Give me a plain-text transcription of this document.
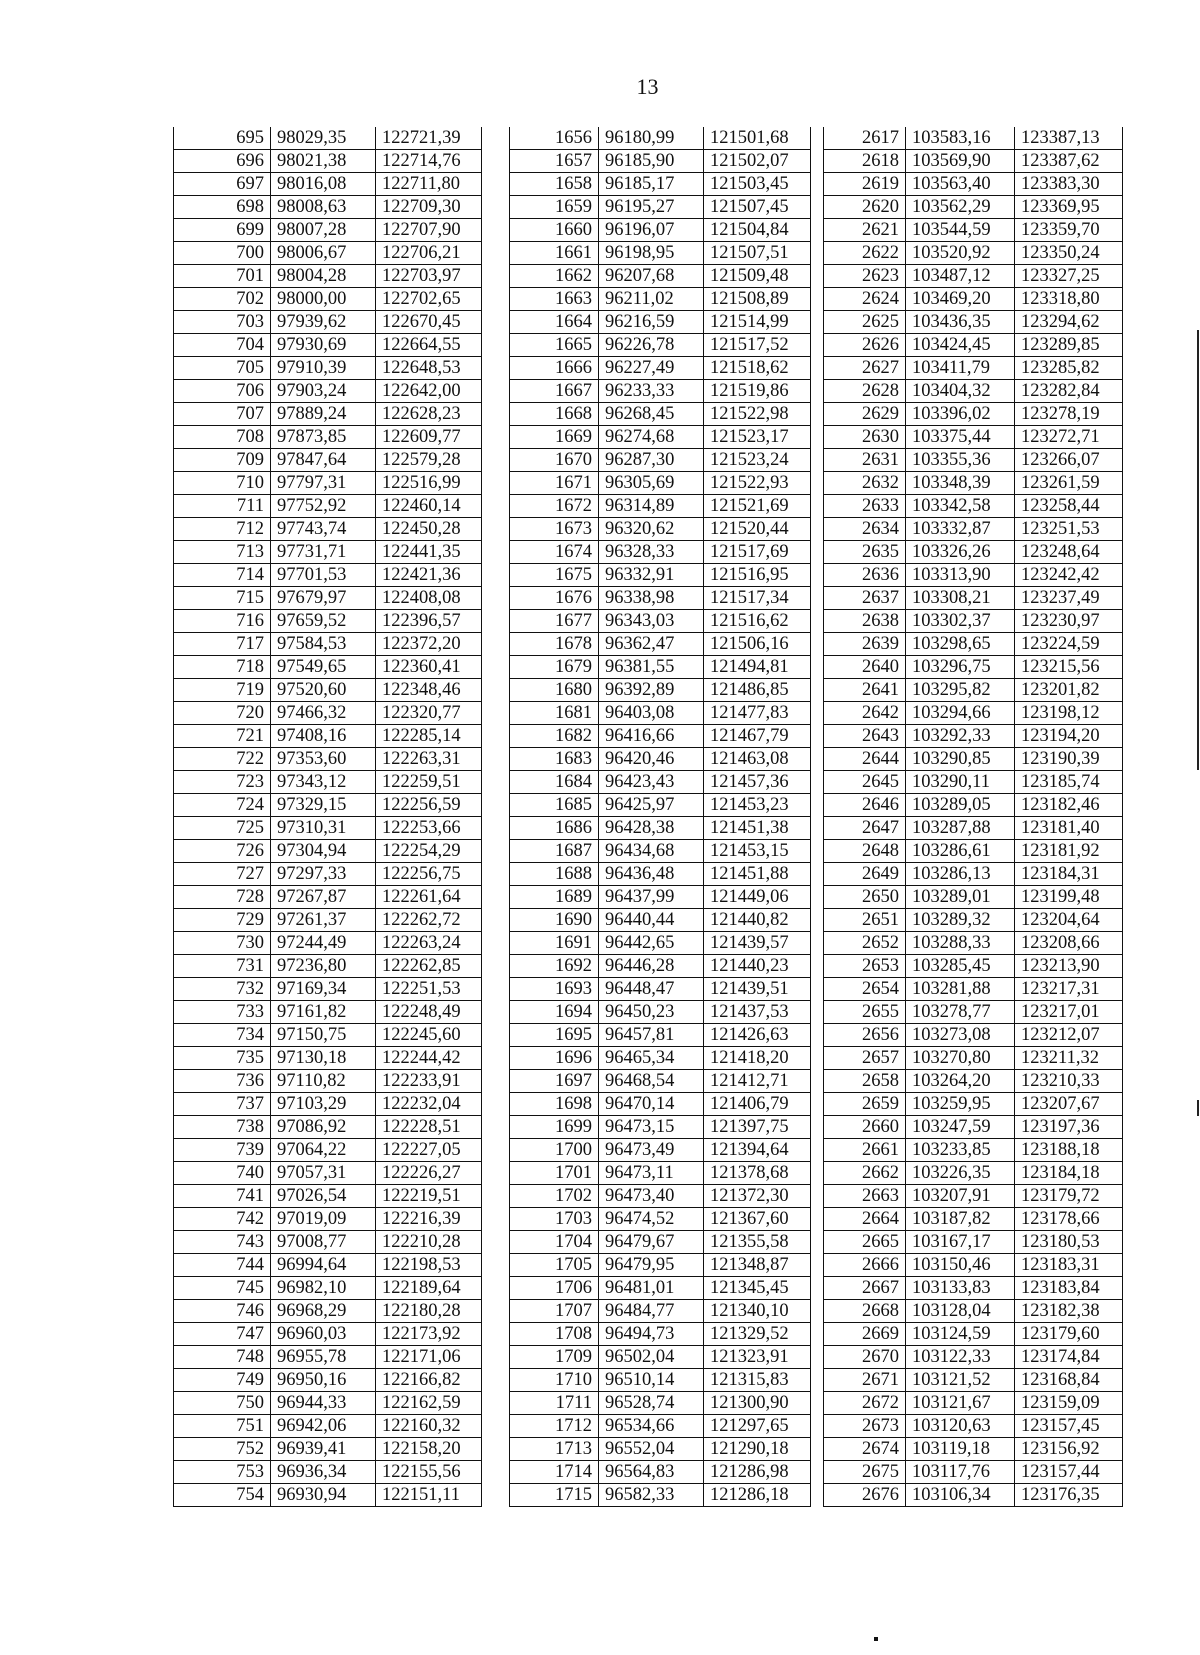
13
695	98029,35	122721,39
696	98021,38	122714,76
697	98016,08	122711,80
698	98008,63	122709,30
699	98007,28	122707,90
700	98006,67	122706,21
701	98004,28	122703,97
702	98000,00	122702,65
703	97939,62	122670,45
704	97930,69	122664,55
705	97910,39	122648,53
706	97903,24	122642,00
707	97889,24	122628,23
708	97873,85	122609,77
709	97847,64	122579,28
710	97797,31	122516,99
711	97752,92	122460,14
712	97743,74	122450,28
713	97731,71	122441,35
714	97701,53	122421,36
715	97679,97	122408,08
716	97659,52	122396,57
717	97584,53	122372,20
718	97549,65	122360,41
719	97520,60	122348,46
720	97466,32	122320,77
721	97408,16	122285,14
722	97353,60	122263,31
723	97343,12	122259,51
724	97329,15	122256,59
725	97310,31	122253,66
726	97304,94	122254,29
727	97297,33	122256,75
728	97267,87	122261,64
729	97261,37	122262,72
730	97244,49	122263,24
731	97236,80	122262,85
732	97169,34	122251,53
733	97161,82	122248,49
734	97150,75	122245,60
735	97130,18	122244,42
736	97110,82	122233,91
737	97103,29	122232,04
738	97086,92	122228,51
739	97064,22	122227,05
740	97057,31	122226,27
741	97026,54	122219,51
742	97019,09	122216,39
743	97008,77	122210,28
744	96994,64	122198,53
745	96982,10	122189,64
746	96968,29	122180,28
747	96960,03	122173,92
748	96955,78	122171,06
749	96950,16	122166,82
750	96944,33	122162,59
751	96942,06	122160,32
752	96939,41	122158,20
753	96936,34	122155,56
754	96930,94	122151,11
1656	96180,99	121501,68
1657	96185,90	121502,07
1658	96185,17	121503,45
1659	96195,27	121507,45
1660	96196,07	121504,84
1661	96198,95	121507,51
1662	96207,68	121509,48
1663	96211,02	121508,89
1664	96216,59	121514,99
1665	96226,78	121517,52
1666	96227,49	121518,62
1667	96233,33	121519,86
1668	96268,45	121522,98
1669	96274,68	121523,17
1670	96287,30	121523,24
1671	96305,69	121522,93
1672	96314,89	121521,69
1673	96320,62	121520,44
1674	96328,33	121517,69
1675	96332,91	121516,95
1676	96338,98	121517,34
1677	96343,03	121516,62
1678	96362,47	121506,16
1679	96381,55	121494,81
1680	96392,89	121486,85
1681	96403,08	121477,83
1682	96416,66	121467,79
1683	96420,46	121463,08
1684	96423,43	121457,36
1685	96425,97	121453,23
1686	96428,38	121451,38
1687	96434,68	121453,15
1688	96436,48	121451,88
1689	96437,99	121449,06
1690	96440,44	121440,82
1691	96442,65	121439,57
1692	96446,28	121440,23
1693	96448,47	121439,51
1694	96450,23	121437,53
1695	96457,81	121426,63
1696	96465,34	121418,20
1697	96468,54	121412,71
1698	96470,14	121406,79
1699	96473,15	121397,75
1700	96473,49	121394,64
1701	96473,11	121378,68
1702	96473,40	121372,30
1703	96474,52	121367,60
1704	96479,67	121355,58
1705	96479,95	121348,87
1706	96481,01	121345,45
1707	96484,77	121340,10
1708	96494,73	121329,52
1709	96502,04	121323,91
1710	96510,14	121315,83
1711	96528,74	121300,90
1712	96534,66	121297,65
1713	96552,04	121290,18
1714	96564,83	121286,98
1715	96582,33	121286,18
2617	103583,16	123387,13
2618	103569,90	123387,62
2619	103563,40	123383,30
2620	103562,29	123369,95
2621	103544,59	123359,70
2622	103520,92	123350,24
2623	103487,12	123327,25
2624	103469,20	123318,80
2625	103436,35	123294,62
2626	103424,45	123289,85
2627	103411,79	123285,82
2628	103404,32	123282,84
2629	103396,02	123278,19
2630	103375,44	123272,71
2631	103355,36	123266,07
2632	103348,39	123261,59
2633	103342,58	123258,44
2634	103332,87	123251,53
2635	103326,26	123248,64
2636	103313,90	123242,42
2637	103308,21	123237,49
2638	103302,37	123230,97
2639	103298,65	123224,59
2640	103296,75	123215,56
2641	103295,82	123201,82
2642	103294,66	123198,12
2643	103292,33	123194,20
2644	103290,85	123190,39
2645	103290,11	123185,74
2646	103289,05	123182,46
2647	103287,88	123181,40
2648	103286,61	123181,92
2649	103286,13	123184,31
2650	103289,01	123199,48
2651	103289,32	123204,64
2652	103288,33	123208,66
2653	103285,45	123213,90
2654	103281,88	123217,31
2655	103278,77	123217,01
2656	103273,08	123212,07
2657	103270,80	123211,32
2658	103264,20	123210,33
2659	103259,95	123207,67
2660	103247,59	123197,36
2661	103233,85	123188,18
2662	103226,35	123184,18
2663	103207,91	123179,72
2664	103187,82	123178,66
2665	103167,17	123180,53
2666	103150,46	123183,31
2667	103133,83	123183,84
2668	103128,04	123182,38
2669	103124,59	123179,60
2670	103122,33	123174,84
2671	103121,52	123168,84
2672	103121,67	123159,09
2673	103120,63	123157,45
2674	103119,18	123156,92
2675	103117,76	123157,44
2676	103106,34	123176,35
